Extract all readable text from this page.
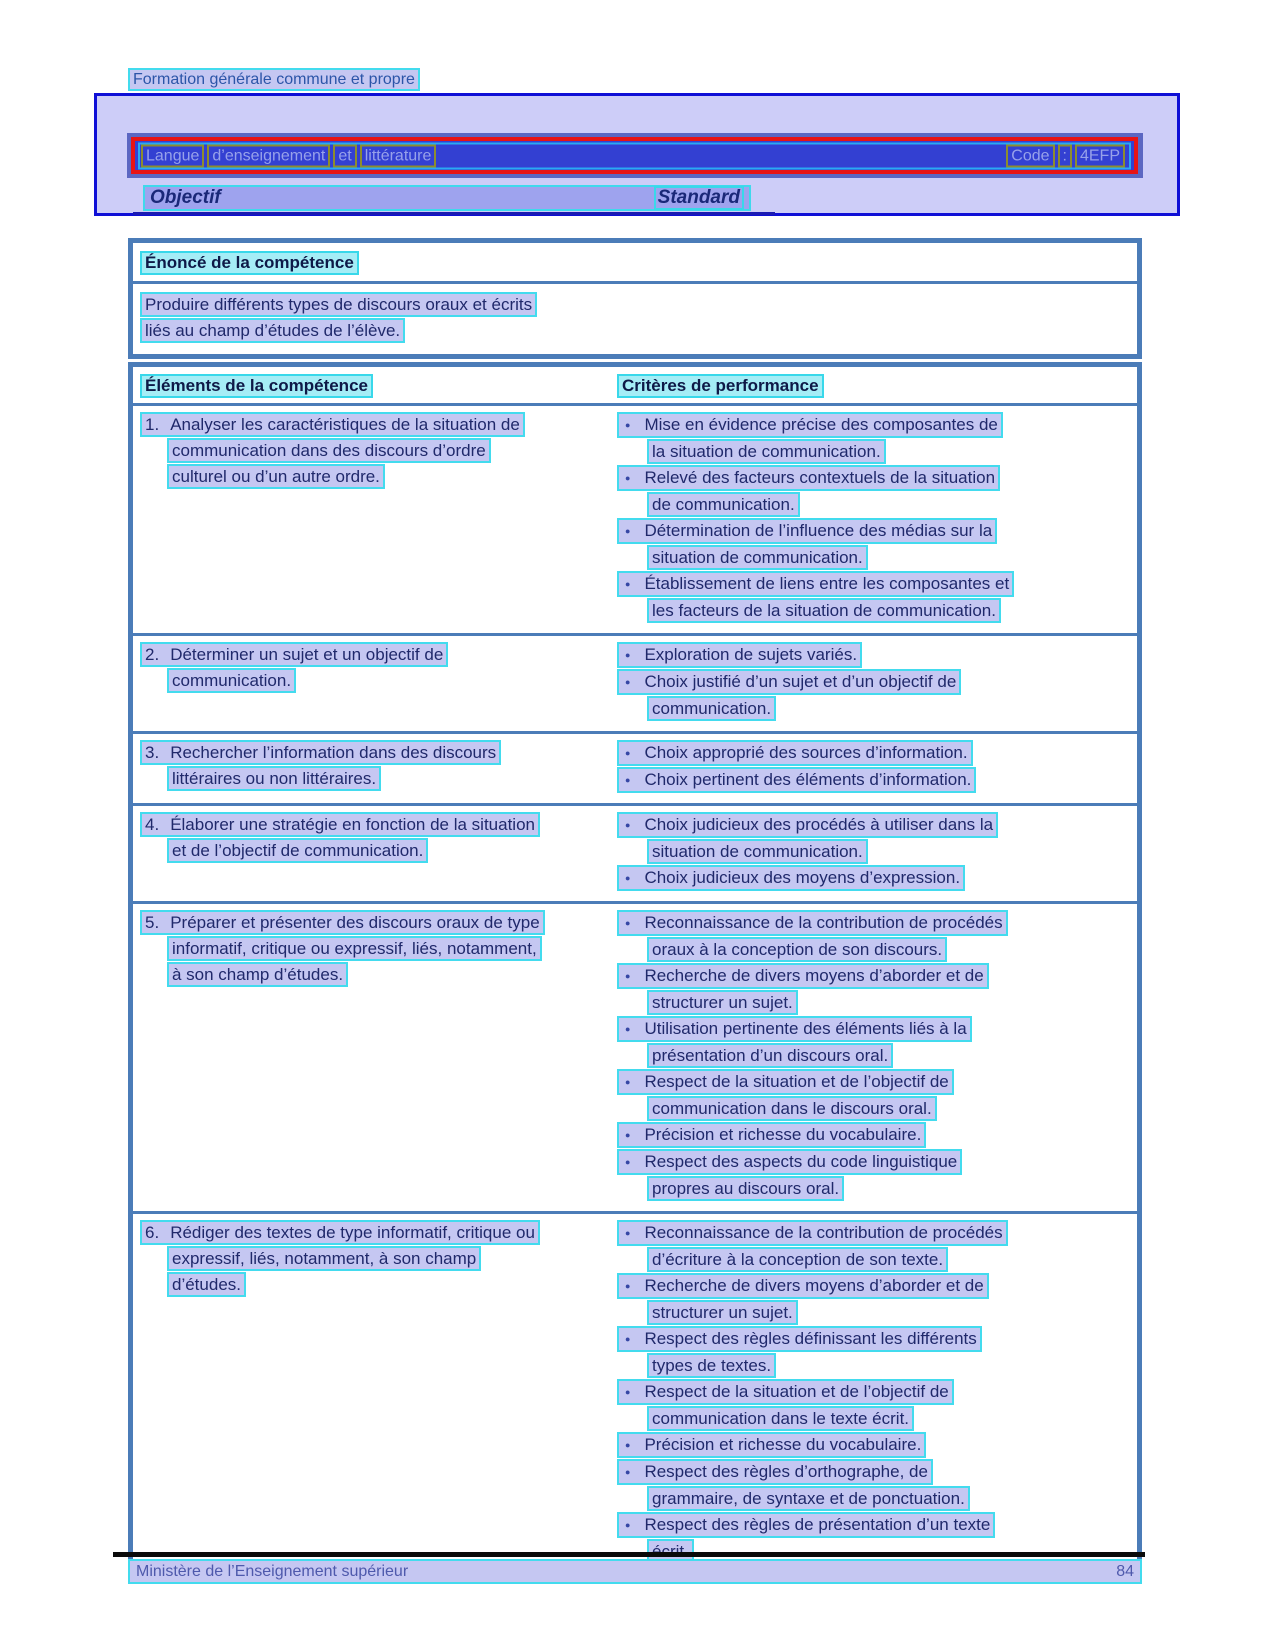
Formation générale commune et propre
Langue d’enseignement et littérature	Code : 4EFP
Objectif	Standard
Énoncé de la compétence
Produire différents types de discours oraux et écrits
liés au champ d’études de l’élève.
Éléments de la compétence	Critères de performance
1. Analyser les caractéristiques de la situation de
communication dans des discours d’ordre
culturel ou d’un autre ordre.
● Mise en évidence précise des composantes de
la situation de communication.
● Relevé des facteurs contextuels de la situation
de communication.
● Détermination de l’influence des médias sur la
situation de communication.
● Établissement de liens entre les composantes et
les facteurs de la situation de communication.
2. Déterminer un sujet et un objectif de
communication.
● Exploration de sujets variés.
● Choix justifié d’un sujet et d’un objectif de
communication.
3. Rechercher l’information dans des discours
littéraires ou non littéraires.
● Choix approprié des sources d’information.
● Choix pertinent des éléments d’information.
4. Élaborer une stratégie en fonction de la situation
et de l’objectif de communication.
● Choix judicieux des procédés à utiliser dans la
situation de communication.
● Choix judicieux des moyens d’expression.
5. Préparer et présenter des discours oraux de type
informatif, critique ou expressif, liés, notamment,
à son champ d’études.
● Reconnaissance de la contribution de procédés
oraux à la conception de son discours.
● Recherche de divers moyens d’aborder et de
structurer un sujet.
● Utilisation pertinente des éléments liés à la
présentation d’un discours oral.
● Respect de la situation et de l’objectif de
communication dans le discours oral.
● Précision et richesse du vocabulaire.
● Respect des aspects du code linguistique
propres au discours oral.
6. Rédiger des textes de type informatif, critique ou
expressif, liés, notamment, à son champ
d’études.
● Reconnaissance de la contribution de procédés
d’écriture à la conception de son texte.
● Recherche de divers moyens d’aborder et de
structurer un sujet.
● Respect des règles définissant les différents
types de textes.
● Respect de la situation et de l’objectif de
communication dans le texte écrit.
● Précision et richesse du vocabulaire.
● Respect des règles d’orthographe, de
grammaire, de syntaxe et de ponctuation.
● Respect des règles de présentation d’un texte
Ministère de l’Enseignement supérieur	84
